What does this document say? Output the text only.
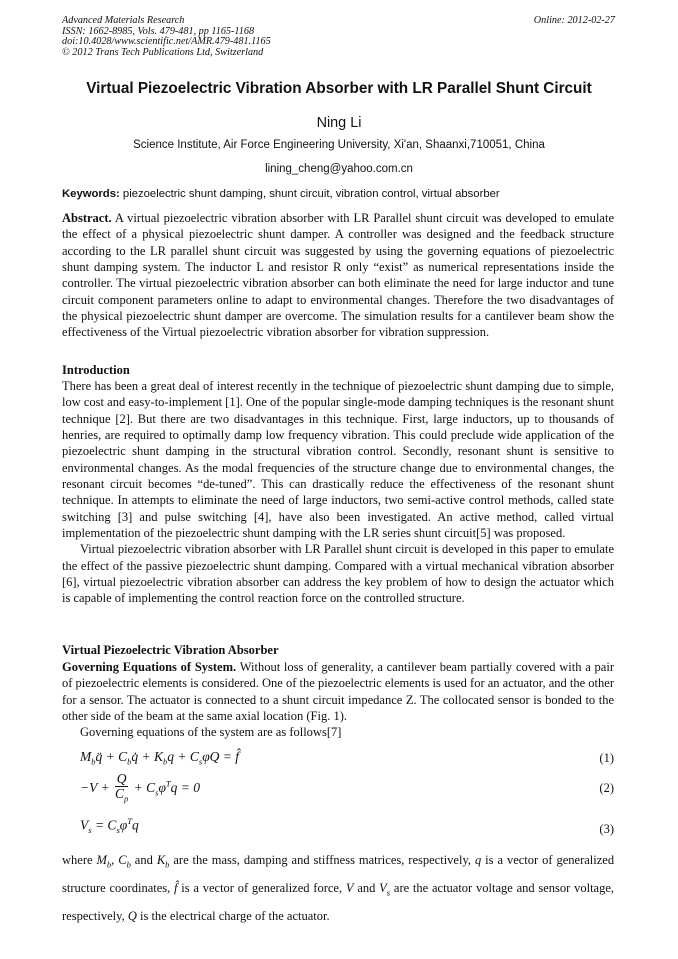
Advanced Materials Research
ISSN: 1662-8985, Vols. 479-481, pp 1165-1168
doi:10.4028/www.scientific.net/AMR.479-481.1165
© 2012 Trans Tech Publications Ltd, Switzerland
Online: 2012-02-27
Virtual Piezoelectric Vibration Absorber with LR Parallel Shunt Circuit
Ning Li
Science Institute, Air Force Engineering University, Xi'an, Shaanxi,710051, China
lining_cheng@yahoo.com.cn
Keywords: piezoelectric shunt damping, shunt circuit, vibration control, virtual absorber

Abstract. A virtual piezoelectric vibration absorber with LR Parallel shunt circuit was developed to emulate the effect of a physical piezoelectric shunt damper. A controller was designed and the feedback structure according to the LR parallel shunt circuit was suggested by using the governing equations of piezoelectric shunt damping system. The inductor L and resistor R only “exist” as numerical representations inside the controller. The virtual piezoelectric vibration absorber can both eliminate the need for large inductor and tune circuit component parameters online to adapt to environmental changes. Therefore the two disadvantages of the physical piezoelectric shunt damper are overcome. The simulation results for a cantilever beam show the effectiveness of the Virtual piezoelectric vibration absorber for vibration suppression.

Introduction

There has been a great deal of interest recently in the technique of piezoelectric shunt damping due to simple, low cost and easy-to-implement [1]. One of the popular single-mode damping techniques is the resonant shunt technique [2]. But there are two disadvantages in this technique. First, large inductors, up to thousands of henries, are required to optimally damp low frequency vibration. This could preclude wide application of the piezoelectric shunt damping in the structural vibration control. Secondly, resonant shunt is sensitive to environmental changes. As the modal frequencies of the structure change due to environmental changes, the resonant circuit becomes “de-tuned”. This can drastically reduce the effectiveness of the resonant shunt technique. In attempts to eliminate the need of large inductors, two semi-active control methods, called state switching [3] and pulse switching [4], have also been investigated. An active method, called virtual implementation of the piezoelectric shunt damping with the LR series shunt circuit[5] was proposed.

Virtual piezoelectric vibration absorber with LR Parallel shunt circuit is developed in this paper to emulate the effect of the passive piezoelectric shunt damping. Compared with a virtual mechanical vibration absorber [6], virtual piezoelectric vibration absorber can address the key problem of how to design the actuator which is capable of implementing the control reaction force on the controlled structure.

Virtual Piezoelectric Vibration Absorber

Governing Equations of System. Without loss of generality, a cantilever beam partially covered with a pair of piezoelectric elements is considered. One of the piezoelectric elements is used for an actuator, and the other for a sensor. The actuator is connected to a shunt circuit impedance Z. The collocated sensor is bonded to the other side of the beam at the same axial location (Fig. 1).

Governing equations of the system are as follows[7]

$M_bq̈$ + $C_bq̇ + K_bq + C_s\varphi Q$ = f̂	(1)
$-V + \frac{Q}{C_p} + C_s\varphi^Tq = 0$	(2)
$V_s = C_s\varphi^Tq$	(3)

where $M_b$, $C_b$ and $K_b$ are the mass, damping and stiffness matrices, respectively, q is a vector of generalized structure coordinates, f̂ is a vector of generalized force, V and $V_s$ are the actuator voltage and sensor voltage, respectively, Q is the electrical charge of the actuator.
